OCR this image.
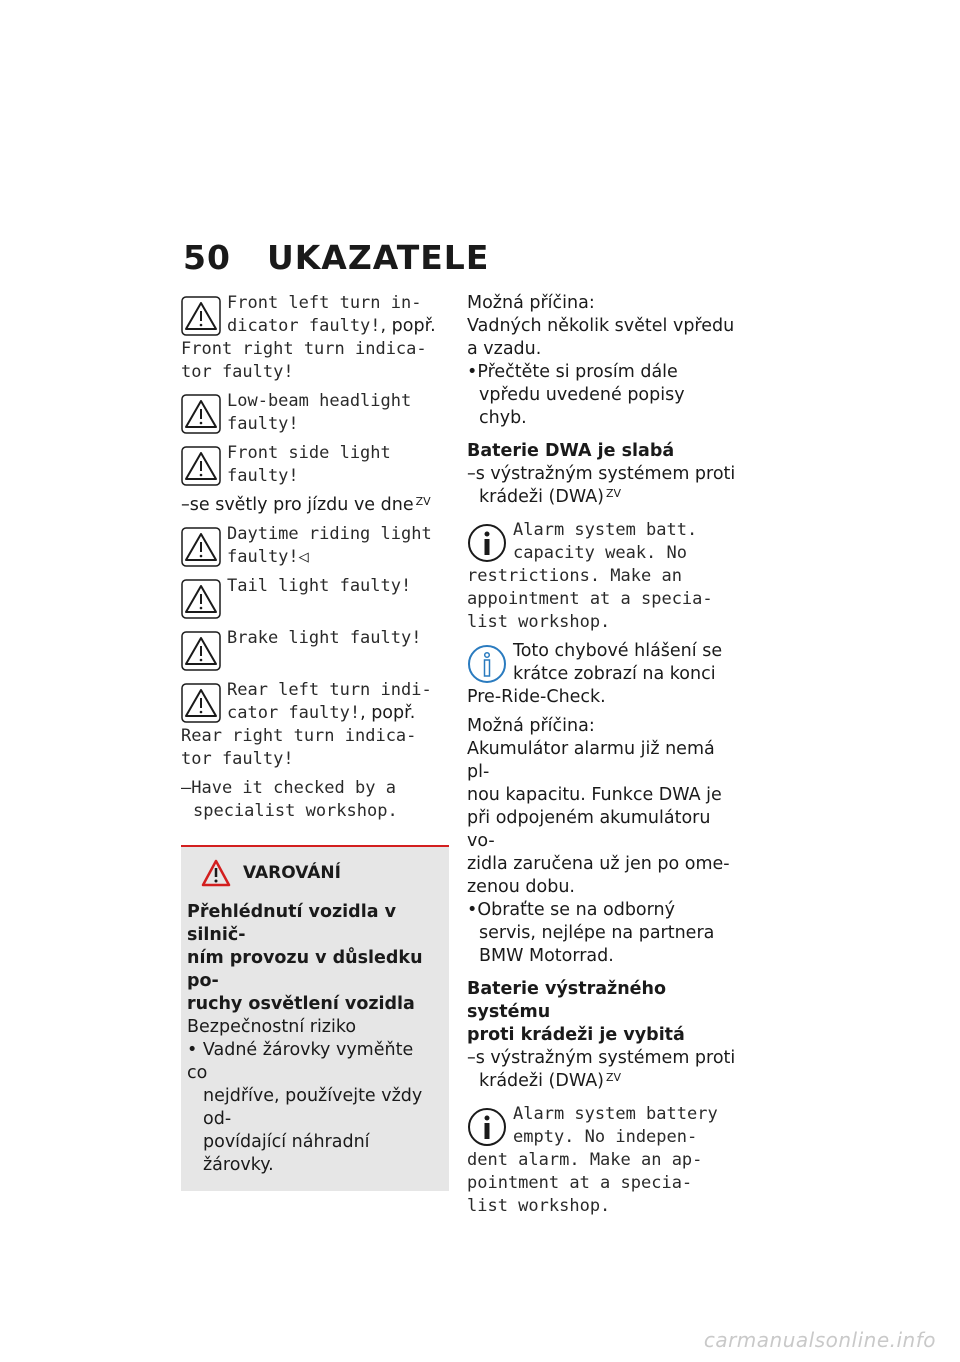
50 UKAZATELE
Front left turn in-
dicator faulty!, popř.
Front right turn indica-
tor faulty!
Low-beam headlight
faulty!
Front side light
faulty!
–se světly pro jízdu ve dne $^{ZV}$
Daytime riding light
faulty!◁
Tail light faulty!
Brake light faulty!
Rear left turn indi-
cator faulty!, popř.
Rear right turn indica-
tor faulty!
–Have it checked by a
specialist workshop.
VAROVÁNÍ
Přehlédnutí vozidla v silnič-
ním provozu v důsledku po-
ruchy osvětlení vozidla
Bezpečnostní riziko
• Vadné žárovky vyměňte co
nejdříve, používejte vždy od-
povídající náhradní žárovky.
Možná příčina:
Vadných několik světel vpředu
a vzadu.
•Přečtěte si prosím dále
vpředu uvedené popisy chyb.
Baterie DWA je slabá
–s výstražným systémem proti
krádeži (DWA) $^{ZV}$
Alarm system batt.
capacity weak. No
restrictions. Make an
appointment at a specia-
list workshop.
Toto chybové hlášení se
krátce zobrazí na konci
Pre-Ride-Check.
Možná příčina:
Akumulátor alarmu již nemá pl-
nou kapacitu. Funkce DWA je
při odpojeném akumulátoru vo-
zidla zaručena už jen po ome-
zenou dobu.
•Obraťte se na odborný
servis, nejlépe na partnera
BMW Motorrad.
Baterie výstražného systému
proti krádeži je vybitá
–s výstražným systémem proti
krádeži (DWA) $^{ZV}$
Alarm system battery
empty. No indepen-
dent alarm. Make an ap-
pointment at a specia-
list workshop.
carmanualsonline.info
